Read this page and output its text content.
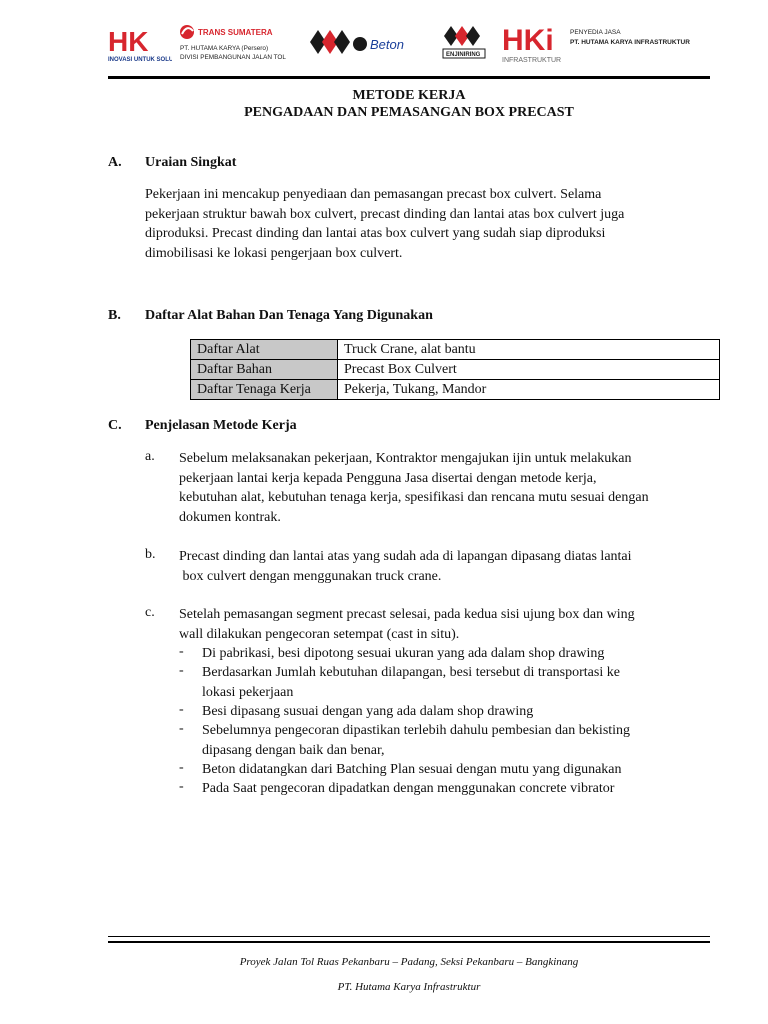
HK
INOVASI UNTUK SOLUSI
TRANS SUMATERA
PT. HUTAMA KARYA (Persero)
DIVISI PEMBANGUNAN JALAN TOL
Beton
ENJINIRING HKi
INFRASTRUKTUR
PENYEDIA JASA
PT. HUTAMA KARYA INFRASTRUKTUR
METODE KERJA
PENGADAAN DAN PEMASANGAN BOX PRECAST
A. Uraian Singkat
Pekerjaan ini mencakup penyediaan dan pemasangan precast box culvert. Selama
pekerjaan struktur bawah box culvert, precast dinding dan lantai atas box culvert juga
diproduksi. Precast dinding dan lantai atas box culvert yang sudah siap diproduksi
dimobilisasi ke lokasi pengerjaan box culvert.
B. Daftar Alat Bahan Dan Tenaga Yang Digunakan
Daftar Alat	Truck Crane, alat bantu
Daftar Bahan	Precast Box Culvert
Daftar Tenaga Kerja	Pekerja, Tukang, Mandor
C. Penjelasan Metode Kerja
a. Sebelum melaksanakan pekerjaan, Kontraktor mengajukan ijin untuk melakukan
pekerjaan lantai kerja kepada Pengguna Jasa disertai dengan metode kerja,
kebutuhan alat, kebutuhan tenaga kerja, spesifikasi dan rencana mutu sesuai dengan
dokumen kontrak.
b. Precast dinding dan lantai atas yang sudah ada di lapangan dipasang diatas lantai
box culvert dengan menggunakan truck crane.
c. Setelah pemasangan segment precast selesai, pada kedua sisi ujung box dan wing
wall dilakukan pengecoran setempat (cast in situ).
- Di pabrikasi, besi dipotong sesuai ukuran yang ada dalam shop drawing
- Berdasarkan Jumlah kebutuhan dilapangan, besi tersebut di transportasi ke
lokasi pekerjaan
- Besi dipasang susuai dengan yang ada dalam shop drawing
- Sebelumnya pengecoran dipastikan terlebih dahulu pembesian dan bekisting
dipasang dengan baik dan benar,
- Beton didatangkan dari Batching Plan sesuai dengan mutu yang digunakan
- Pada Saat pengecoran dipadatkan dengan menggunakan concrete vibrator
Proyek Jalan Tol Ruas Pekanbaru – Padang, Seksi Pekanbaru – Bangkinang
PT. Hutama Karya Infrastruktur
